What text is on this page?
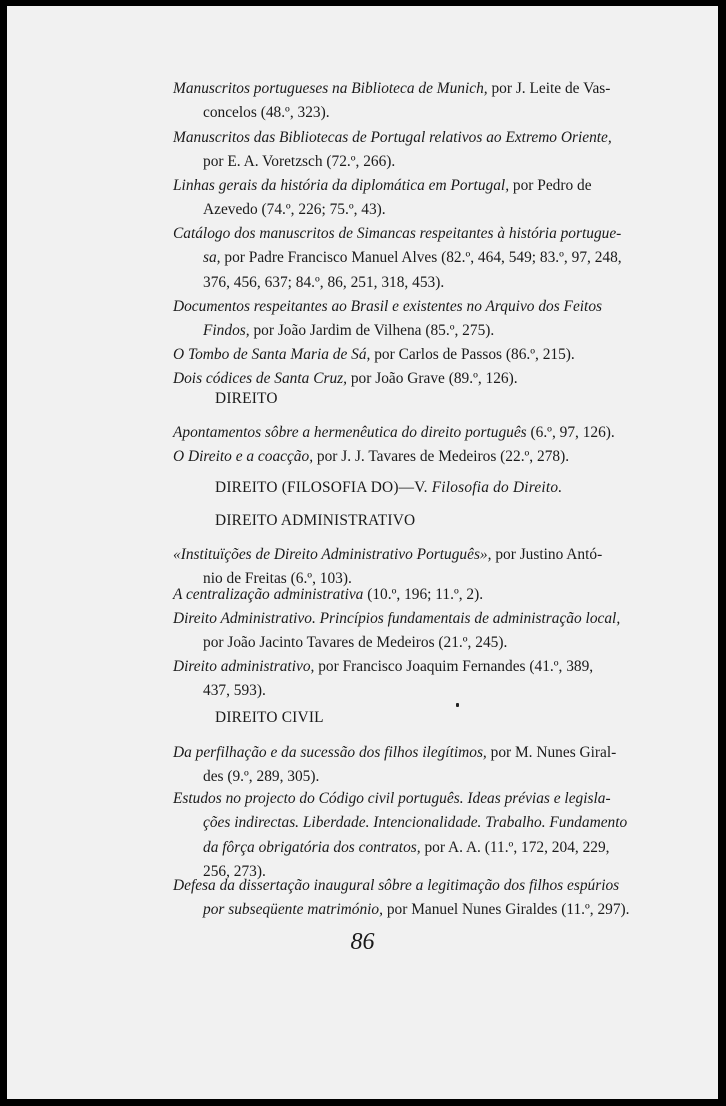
Manuscritos portugueses na Biblioteca de Munich, por J. Leite de Vas-
concelos (48.º, 323).
Manuscritos das Bibliotecas de Portugal relativos ao Extremo Oriente,
por E. A. Voretzsch (72.º, 266).
Linhas gerais da história da diplomática em Portugal, por Pedro de
Azevedo (74.º, 226; 75.º, 43).
Catálogo dos manuscritos de Simancas respeitantes à história portugue-
sa, por Padre Francisco Manuel Alves (82.º, 464, 549; 83.º, 97, 248,
376, 456, 637; 84.º, 86, 251, 318, 453).
Documentos respeitantes ao Brasil e existentes no Arquivo dos Feitos
Findos, por João Jardim de Vilhena (85.º, 275).
O Tombo de Santa Maria de Sá, por Carlos de Passos (86.º, 215).
Dois códices de Santa Cruz, por João Grave (89.º, 126).
DIREITO
Apontamentos sôbre a hermenêutica do direito português (6.º, 97, 126).
O Direito e a coacção, por J. J. Tavares de Medeiros (22.º, 278).
DIREITO (FILOSOFIA DO)—V. Filosofia do Direito.
DIREITO ADMINISTRATIVO
«Instituïções de Direito Administrativo Português», por Justino Antó-
nio de Freitas (6.º, 103).
A centralização administrativa (10.º, 196; 11.º, 2).
Direito Administrativo. Princípios fundamentais de administração local,
por João Jacinto Tavares de Medeiros (21.º, 245).
Direito administrativo, por Francisco Joaquim Fernandes (41.º, 389,
437, 593).
DIREITO CIVIL
Da perfilhação e da sucessão dos filhos ilegítimos, por M. Nunes Giral-
des (9.º, 289, 305).
Estudos no projecto do Código civil português. Ideas prévias e legisla-
ções indirectas. Liberdade. Intencionalidade. Trabalho. Fundamento
da fôrça obrigatória dos contratos, por A. A. (11.º, 172, 204, 229,
256, 273).
Defesa da dissertação inaugural sôbre a legitimação dos filhos espúrios
por subseqüente matrimónio, por Manuel Nunes Giraldes (11.º, 297).
86
